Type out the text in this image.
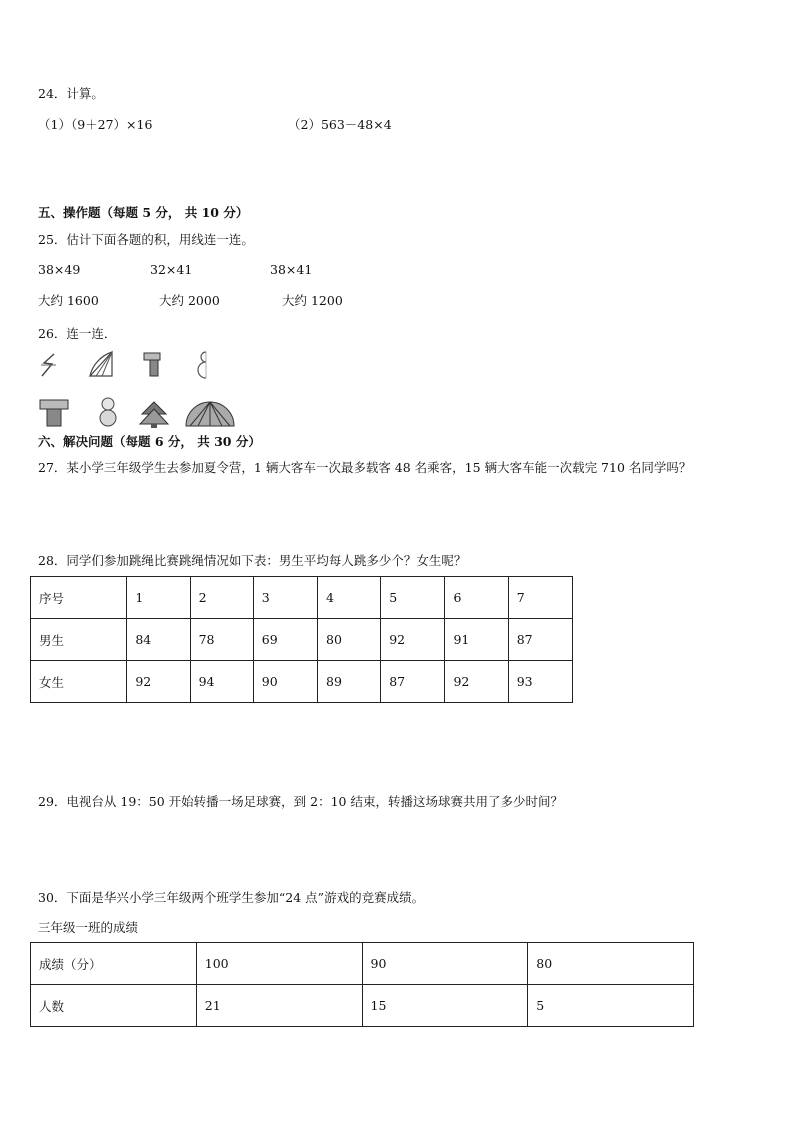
24．计算。
（1）（9＋27）×16	（2）563－48×4
五、操作题（每题 5 分， 共 10 分）
25．估计下面各题的积，用线连一连。
38×49	32×41	38×41
大约 1600	大约 2000	大约 1200
26．连一连．
六、解决问题（每题 6 分， 共 30 分）
27．某小学三年级学生去参加夏令营，1 辆大客车一次最多载客 48 名乘客，15 辆大客车能一次载完 710 名同学吗？
28．同学们参加跳绳比赛跳绳情况如下表：男生平均每人跳多少个？女生呢？
序号	1	2	3	4	5	6	7
男生	84	78	69	80	92	91	87
女生	92	94	90	89	87	92	93
29．电视台从 19：50 开始转播一场足球赛，到 2：10 结束，转播这场球赛共用了多少时间？
30．下面是华兴小学三年级两个班学生参加“24 点”游戏的竞赛成绩。
三年级一班的成绩
成绩（分）	100	90	80
人数	21	15	5
